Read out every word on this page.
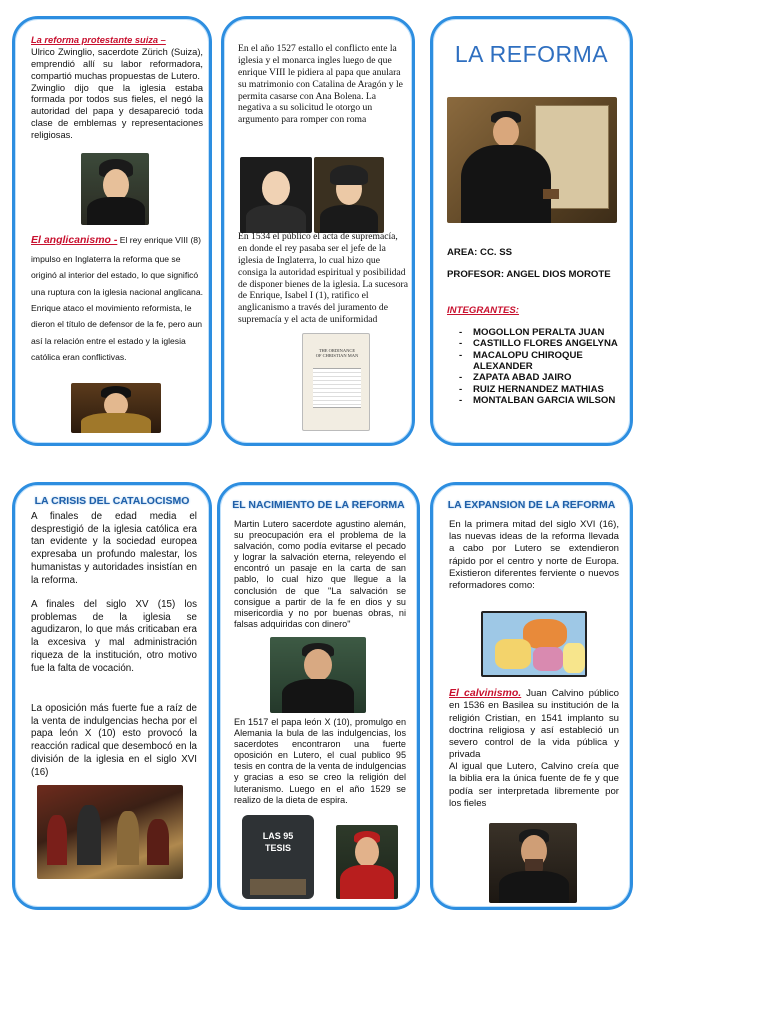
La reforma protestante suiza –
Ulrico Zwinglio, sacerdote Zürich (Suiza), emprendió allí su labor reformadora, compartió muchas propuestas de Lutero.
Zwinglio dijo que la iglesia estaba formada por todos sus fieles, el negó la autoridad del papa y desapareció toda clase de emblemas y representaciones religiosas.
El anglicanismo - El rey enrique VIII (8) impulso en Inglaterra la reforma que se originó al interior del estado, lo que significó una ruptura con la iglesia nacional anglicana. Enrique ataco el movimiento reformista, le dieron el título de defensor de la fe, pero aun así la relación entre el estado y la iglesia católica eran conflictivas.
En el año 1527 estallo el conflicto ente la iglesia y el monarca ingles luego de que enrique VIII le pidiera al papa que anulara su matrimonio con Catalina de Aragón y le permita casarse con Ana Bolena. La negativa a su solicitud le otorgo un argumento para romper con roma
En 1534 el público el acta de supremacía, en donde el rey pasaba ser el jefe de la iglesia de Inglaterra, lo cual hizo que consiga la autoridad espiritual y posibilidad de disponer bienes de la iglesia. La sucesora de Enrique, Isabel I (1), ratifico el anglicanismo a través del juramento de supremacía y el acta de uniformidad
THE ORDINANCE
OF CHRISTIAN MAN
LA REFORMA
AREA: CC. SS
PROFESOR: ANGEL DIOS MOROTE
INTEGRANTES:
- MOGOLLON PERALTA JUAN
- CASTILLO FLORES ANGELYNA
- MACALOPU CHIROQUE ALEXANDER
- ZAPATA ABAD JAIRO
- RUIZ HERNANDEZ MATHIAS
- MONTALBAN GARCIA WILSON
LA CRISIS DEL CATALOCISMO
A finales de edad media el desprestigió de la iglesia católica era tan evidente y la sociedad europea expresaba un profundo malestar, los humanistas y autoridades insistían en la reforma.
A finales del siglo XV (15) los problemas de la iglesia se agudizaron, lo que más criticaban era la excesiva y mal administración riqueza de la institución, otro motivo fue la falta de vocación.
La oposición más fuerte fue a raíz de la venta de indulgencias hecha por el papa león X (10) esto provocó la reacción radical que desembocó en la división de la iglesia en el siglo XVI (16)
EL NACIMIENTO DE LA REFORMA
Martin Lutero sacerdote agustino alemán, su preocupación era el problema de la salvación, como podía evitarse el pecado y lograr la salvación eterna, releyendo el encontró un pasaje en la carta de san pablo, lo cual hizo que llegue a la conclusión de que "La salvación se consigue a partir de la fe en dios y su misericordia y no por buenas obras, ni falsas adquiridas con dinero"
En 1517 el papa león X (10), promulgo en Alemania la bula de las indulgencias, los sacerdotes encontraron una fuerte oposición en Lutero, el cual publico 95 tesis en contra de la venta de indulgencias y gracias a eso se creo la religión del luteranismo. Luego en el año 1529 se realizo de la dieta de espira.
LAS 95
TESIS
LA EXPANSION DE LA REFORMA
En la primera mitad del siglo XVI (16), las nuevas ideas de la reforma llevada a cabo por Lutero se extendieron rápido por el centro y norte de Europa. Existieron diferentes ferviente o nuevos reformadores como:
El calvinismo. Juan Calvino público en 1536 en Basilea su institución de la religión Cristian, en 1541 implanto su doctrina religiosa y así estableció un severo control de la vida pública y privada
Al igual que Lutero, Calvino creía que la biblia era la única fuente de fe y que podía ser interpretada libremente por los fieles
